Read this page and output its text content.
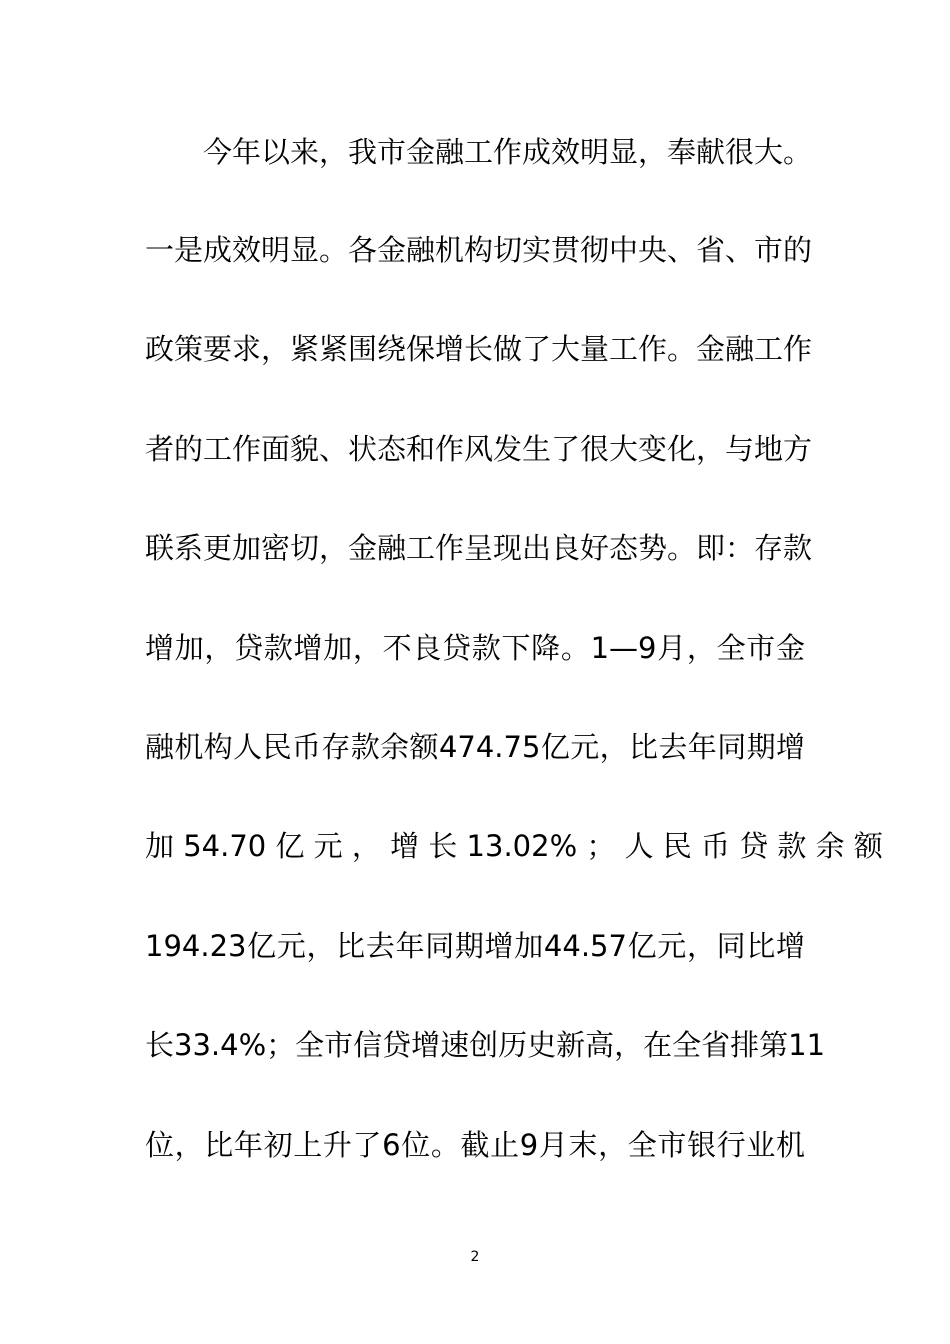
今年以来，我市金融工作成效明显，奉献很大。
一是成效明显。各金融机构切实贯彻中央、省、市的
政策要求，紧紧围绕保增长做了大量工作。金融工作
者的工作面貌、状态和作风发生了很大变化，与地方
联系更加密切，金融工作呈现出良好态势。即：存款
增加，贷款增加，不良贷款下降。1—9月，全市金
融机构人民币存款余额474.75亿元，比去年同期增
加 54.70 亿 元 ， 增 长 13.02% ； 人 民 币 贷 款 余 额
194.23亿元，比去年同期增加44.57亿元，同比增
长33.4%；全市信贷增速创历史新高，在全省排第11
位，比年初上升了6位。截止9月末，全市银行业机
2
